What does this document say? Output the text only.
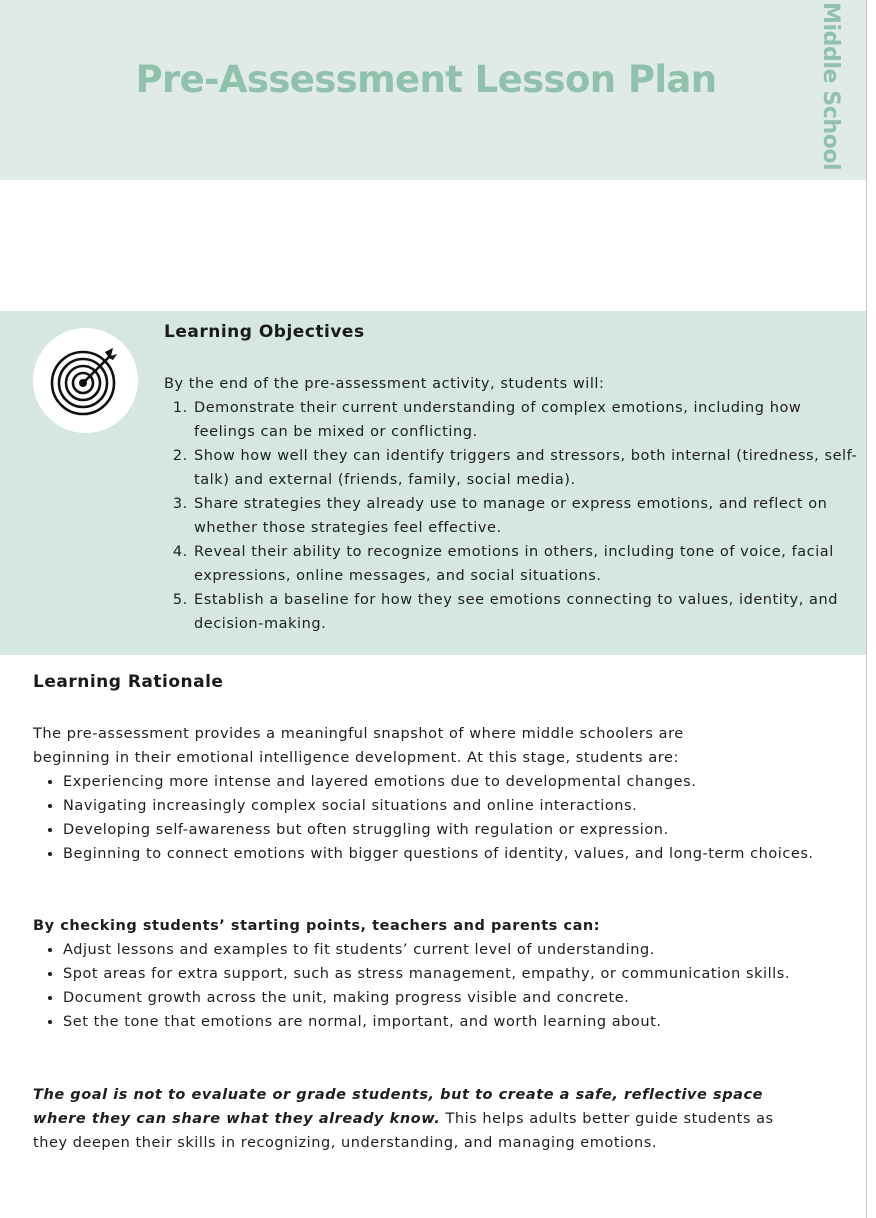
Pre-Assessment Lesson Plan	Middle School
Learning Objectives

By the end of the pre-assessment activity, students will:

1. Demonstrate their current understanding of complex emotions, including how feelings can be mixed or conflicting.
2. Show how well they can identify triggers and stressors, both internal (tiredness, self-talk) and external (friends, family, social media).
3. Share strategies they already use to manage or express emotions, and reflect on whether those strategies feel effective.
4. Reveal their ability to recognize emotions in others, including tone of voice, facial expressions, online messages, and social situations.
5. Establish a baseline for how they see emotions connecting to values, identity, and decision-making.
Learning Rationale

The pre-assessment provides a meaningful snapshot of where middle schoolers are beginning in their emotional intelligence development. At this stage, students are:

• Experiencing more intense and layered emotions due to developmental changes.
• Navigating increasingly complex social situations and online interactions.
• Developing self-awareness but often struggling with regulation or expression.
• Beginning to connect emotions with bigger questions of identity, values, and long-term choices.

By checking students’ starting points, teachers and parents can:

• Adjust lessons and examples to fit students’ current level of understanding.
• Spot areas for extra support, such as stress management, empathy, or communication skills.
• Document growth across the unit, making progress visible and concrete.
• Set the tone that emotions are normal, important, and worth learning about.

The goal is not to evaluate or grade students, but to create a safe, reflective space where they can share what they already know. This helps adults better guide students as they deepen their skills in recognizing, understanding, and managing emotions.
